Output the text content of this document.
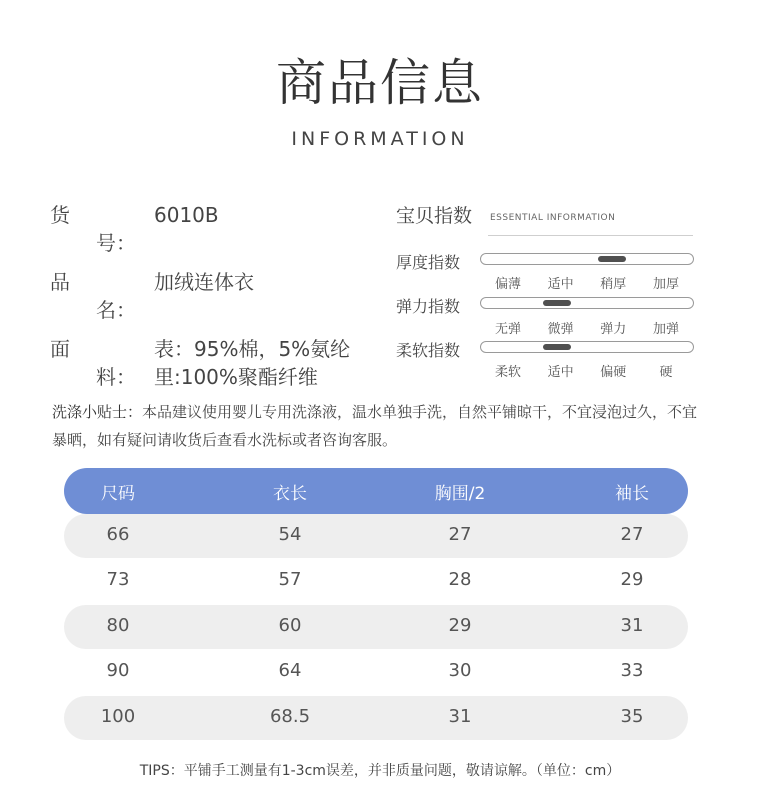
商品信息
INFORMATION
货号：6010B
品名：加绒连体衣
面料：
表：95%棉，5%氨纶
里:100%聚酯纤维
宝贝指数 ESSENTIAL INFORMATION
厚度指数
偏薄	适中	稍厚	加厚
弹力指数
无弹	微弹	弹力	加弹
柔软指数
柔软	适中	偏硬	硬
洗涤小贴士：本品建议使用婴儿专用洗涤液，温水单独手洗，自然平铺晾干，不宜浸泡过久，不宜暴晒，如有疑问请收货后查看水洗标或者咨询客服。
尺码	衣长	胸围/2	袖长
66	54	27	27
73	57	28	29
80	60	29	31
90	64	30	33
100	68.5	31	35
TIPS：平铺手工测量有1-3cm误差，并非质量问题，敬请谅解。（单位：cm）
